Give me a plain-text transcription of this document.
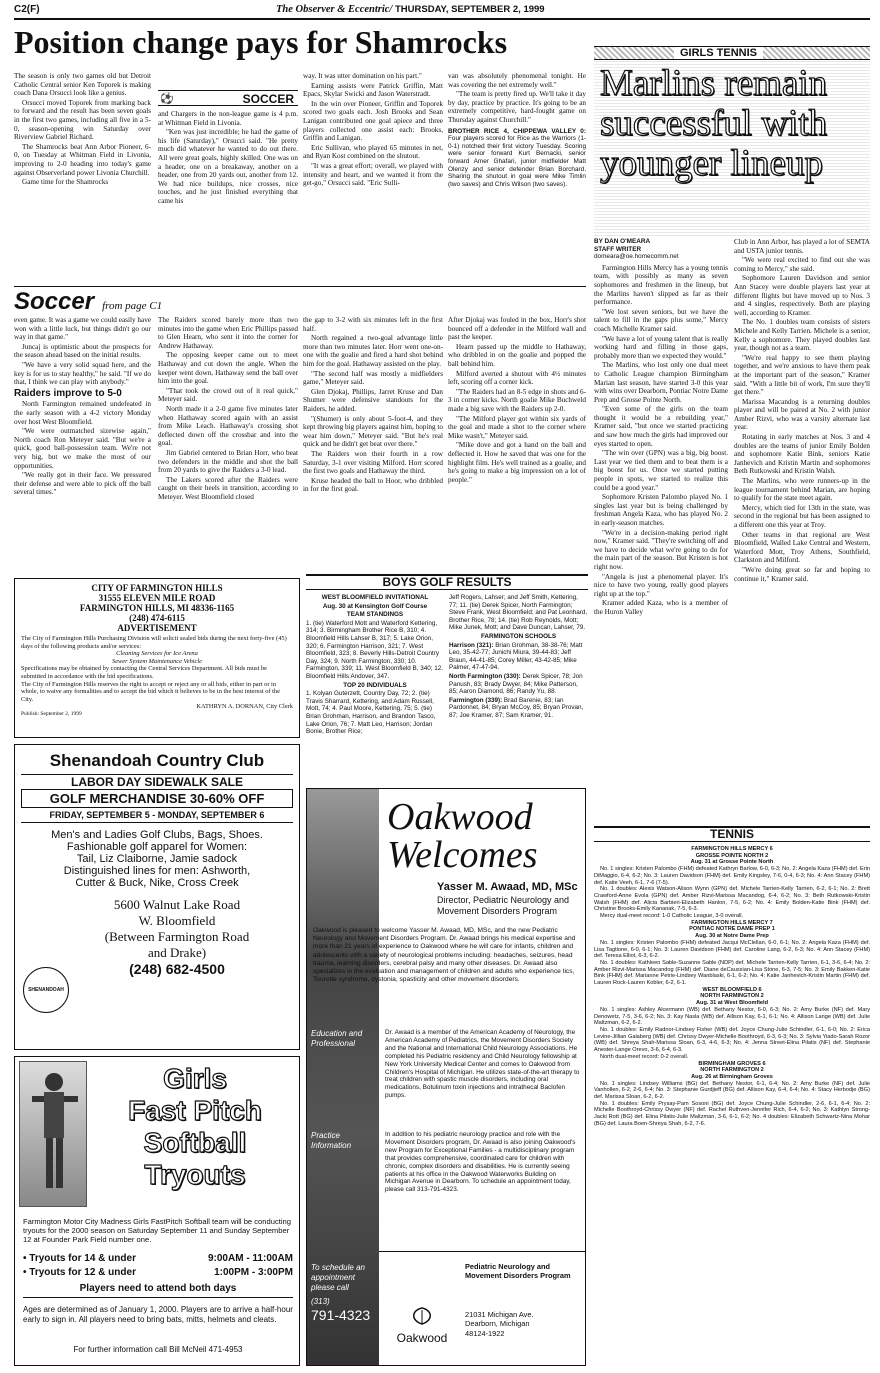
C2(F)	The Observer & Eccentric/ THURSDAY, SEPTEMBER 2, 1999
Position change pays for Shamrocks

The season is only two games old but Detroit Catholic Central senior Ken Toporek is making coach Dana Orsucci look like a genius.

Orsucci moved Toporek from marking back to forward and the result has been seven goals in the first two games, including all five in a 5-0, season-opening win Saturday over Riverview Gabriel Richard.

The Shamrocks beat Ann Arbor Pioneer, 6-0, on Tuesday at Whitman Field in Livonia, improving to 2-0 heading into today's game against Observerland power Livonia Churchill.

Game time for the Shamrocks

⚽	SOCCER

and Chargers in the non-league game is 4 p.m. at Whitman Field in Livonia.

"Ken was just incredible; he had the game of his life (Saturday)," Orsucci said. "He pretty much did whatever he wanted to do out there. All were great goals, highly skilled. One was on a header, one on a breakaway, another on a header, one from 20 yards out, another from 12. We had nice buildups, nice crosses, nice touches, and he just finished everything that came his

way. It was utter domination on his part."

Earning assists were Patrick Griffin, Matt Epacs, Skylar Swicki and Jason Waterstradt.

In the win over Pioneer, Griffin and Toporek scored two goals each. Josh Brooks and Sean Lanigan contributed one goal apiece and three players collected one assist each: Brooks, Griffin and Lanigan.

Eric Sullivan, who played 65 minutes in net, and Ryan Kost combined on the shutout.

"It was a great effort; overall, we played with intensity and heart, and we wanted it from the get-go," Orsucci said. "Eric Sulli-

van was absolutely phenomenal tonight. He was covering the net extremely well."

"The team is pretty fired up. We'll take it day by day, practice by practice. It's going to be an extremely competitive, hard-fought game on Thursday against Churchill."

BROTHER RICE 4, CHIPPEWA VALLEY 0: Four players scored for Rice as the Warriors (1-0-1) notched their first victory Tuesday. Scoring were senior forward Kurt Bernacki, senior forward Amer Ghafari, junior midfielder Matt Olenzy and senior defender Brian Borchard. Sharing the shutout in goal were Mike Timlin (two saves) and Chris Wilson (two saves).
Soccer from page C1

even game. It was a game we could easily have won with a little luck, but things didn't go our way in that game."

Juncaj is optimistic about the prospects for the season ahead based on the initial results.

"We have a very solid squad here, and the key is for us to stay healthy," he said. "If we do that, I think we can play with anybody."

Raiders improve to 5-0

North Farmington remained undefeated in the early season with a 4-2 victory Monday over host West Bloomfield.

"We were outmatched sizewise again," North coach Ron Meteyer said. "But we're a quick, good ball-possession team. We're not very big, but we make the most of our opportunities.

"We really got in their face. We pressured their defense and were able to pick off the ball several times."

The Raiders scored barely more than two minutes into the game when Eric Phillips passed to Glen Hearn, who sent it into the corner for Andrew Hathaway.

The opposing keeper came out to meet Hathaway and cut down the angle. When the keeper went down, Hathaway send the ball over him into the goal.

"That took the crowd out of it real quick," Meteyer said.

North made it a 2-0 game five minutes later when Hathaway scored again with an assist from Mike Leach. Hathaway's crossing shot deflected down off the crossbar and into the goal.

Jim Gabriel centered to Brian Horr, who beat two defenders in the middle and shot the ball from 20 yards to give the Raiders a 3-0 lead.

The Lakers scored after the Raiders were caught on their heels in transition, according to Meteyer. West Bloomfield closed

the gap to 3-2 with six minutes left in the first half.

North regained a two-goal advantage little more than two minutes later. Horr went one-on-one with the goalie and fired a hard shot behind him for the goal. Hathaway assisted on the play.

"The second half was mostly a midfielders game," Meteyer said.

Glen Djokaj, Phillips, Jarret Kruse and Dan Shumer were defensive standouts for the Raiders, he added.

"(Shumer) is only about 5-foot-4, and they kept throwing big players against him, hoping to wear him down," Meteyer said. "But he's real quick and he didn't get beat over there."

The Raiders won their fourth in a row Saturday, 3-1 over visiting Milford. Horr scored the first two goals and Hathaway the third.

Kruse headed the ball to Hoor, who dribbled in for the first goal.

After Djokaj was fouled in the box, Horr's shot bounced off a defender in the Milford wall and past the keeper.

Hearn passed up the middle to Hathaway, who dribbled in on the goalie and popped the ball behind him.

Milford averted a shutout with 4½ minutes left, scoring off a corner kick.

"The Raiders had an 8-5 edge in shots and 6-3 in corner kicks. North goalie Mike Buchweld made a big save with the Raiders up 2-0.

"The Milford player got within six yards of the goal and made a shot to the corner where Mike wasn't," Meteyer said.

"Mike dove and got a hand on the ball and deflected it. How he saved that was one for the highlight film. He's well trained as a goalie, and he's going to make a big impression on a lot of people."

GIRLS TENNIS
Marlins remain successful with younger lineup
BY DAN O'MEARA
STAFF WRITER
domeara@oe.homecomm.net

Farmington Hills Mercy has a young tennis team, with possibly as many as seven sophomores and freshmen in the lineup, but the Marlins haven't slipped as far as their performance.

"We lost seven seniors, but we have the talent to fill in the gaps plus some," Mercy coach Michelle Kramer said.

"We have a lot of young talent that is really working hard and filling in those gaps, probably more than we expected they would."

The Marlins, who lost only one dual meet to Catholic League champion Birmingham Marian last season, have started 3-0 this year with wins over Dearborn, Pontiac Notre Dame Prep and Grosse Pointe North.

"Even some of the girls on the team thought it would be a rebuilding year," Kramer said, "but once we started practicing and saw how much the girls had improved our eyes started to open.

"The win over (GPN) was a big, big boost. Last year we tied them and to beat them is a big boost for us. Once we started putting people in spots, we started to realize this could be a good year."

Sophomore Kristen Palombo played No. 1 singles last year but is being challenged by freshman Angela Kaza, who has played No. 2 in early-season matches.

"We're in a decision-making period right now," Kramer said. "They're switching off and we have to decide what we're going to do for the main part of the season. But Kristen is hot right now.

"Angela is just a phenomenal player. It's nice to have two young, really good players right up at the top."

Kramer added Kaza, who is a member of the Huron Valley

Club in Ann Arbor, has played a lot of SEMTA and USTA junior tennis.

"We were real excited to find out she was coming to Mercy," she said.

Sophomore Lauren Davidson and senior Ann Stacey were double players last year at different flights but have moved up to Nos. 3 and 4 singles, respectively. Both are playing well, according to Kramer.

The No. 1 doubles team consists of sisters Michele and Kelly Tarrien. Michele is a senior, Kelly a sophomore. They played doubles last year, though not as a team.

"We're real happy to see them playing together, and we're anxious to have them peak at the important part of the season," Kramer said. "With a little bit of work, I'm sure they'll get there."

Marissa Macandog is a returning doubles player and will be paired at No. 2 with junior Amber Rizvi, who was a varsity alternate last year.

Rotating in early matches at Nos. 3 and 4 doubles are the teams of junior Emily Bolden and sophomore Katie Bink, seniors Katie Janhevich and Kristin Martin and sophomores Beth Rutkowski and Kristin Walsh.

The Marlins, who were runners-up in the league tournament behind Marian, are hoping to qualify for the state meet again.

Mercy, which tied for 13th in the state, was second in the regional but has been assigned to a different one this year at Troy.

Other teams in that regional are West Bloomfield, Walled Lake Central and Western, Waterford Mott, Troy Athens, Southfield, Clarkston and Milford.

"We're doing great so far and hoping to continue it," Kramer said.

CITY OF FARMINGTON HILLS
31555 ELEVEN MILE ROAD
FARMINGTON HILLS, MI 48336-1165
(248) 474-6115
ADVERTISEMENT
The City of Farmington Hills Purchasing Division will solicit sealed bids during the next forty-five (45) days of the following products and/or services:
Cleaning Services for Ice Arena
Sewer System Maintenance Vehicle
Specifications may be obtained by contacting the Central Services Department. All bids must be submitted in accordance with the bid specifications.
The City of Farmington Hills reserves the right to accept or reject any or all bids, either in part or in whole, to waive any formalities and to accept the bid which it believes to be in the best interest of the City.
KATHRYN A. DORNAN, City Clerk
Publish: September 2, 1999
Shenandoah Country Club
LABOR DAY SIDEWALK SALE
GOLF MERCHANDISE 30-60% OFF
FRIDAY, SEPTEMBER 5 - MONDAY, SEPTEMBER 6
Men's and Ladies Golf Clubs, Bags, Shoes.
Fashionable golf apparel for Women:
Tail, Liz Claiborne, Jamie sadock
Distinguished lines for men: Ashworth,
Cutter & Buck, Nike, Cross Creek
SHENANDOAH
5600 Walnut Lake Road
W. Bloomfield
(Between Farmington Road
and Drake)
(248) 682-4500
Girls
Fast Pitch
Softball
Tryouts
Farmington Motor City Madness Girls FastPitch Softball team will be conducting tryouts for the 2000 season on Saturday September 11 and Sunday September 12 at Founder Park Field number one.
• Tryouts for 14 & under	9:00AM - 11:00AM
• Tryouts for 12 & under	1:00PM - 3:00PM
Players need to attend both days
Ages are determined as of January 1, 2000. Players are to arrive a half-hour early to sign in. All players need to bring bats, mitts, helmets and cleats.
For further information call Bill McNeil 471-4953
BOYS GOLF RESULTS
WEST BLOOMFIELD INVITATIONAL
Aug. 30 at Kensington Golf Course
TEAM STANDINGS
1. (tie) Waterford Mott and Waterford Kettering, 314; 3. Birmingham Brother Rice B, 310; 4. Bloomfield Hills Lahser B, 317; 5. Lake Orion, 320; 6. Farmington Harrison, 321; 7. West Bloomfield, 323; 8. Beverly Hills-Detroit Country Day, 324; 9. North Farmington, 330; 10. Farmington, 339; 11. West Bloomfield B, 340; 12. Bloomfield Hills Andover, 347.
TOP 20 INDIVIDUALS
1. Kolyan Guterzett, Country Day, 72; 2. (tie) Travis Sharrard, Kettering, and Adam Russell, Mott, 74; 4. Paul Moore, Kettering, 75; 5. (tie) Brian Grohman, Harrison, and Brandon Tasco, Lake Orion, 76; 7. Matt Leo, Harrison; Jordan Bonie, Brother Rice;
Jeff Rogers, Lahser; and Jeff Smith, Kettering, 77; 11. (tie) Derek Spicer, North Farmington; Steve Frank, West Bloomfield; and Pat Leonhard, Brother Rice, 78; 14. (tie) Rob Reynolds, Mott; Mike Junek, Mott; and Dave Duncan, Lahser, 79.
FARMINGTON SCHOOLS
Harrison (321): Brian Grohman, 38-38-76; Matt Leo, 35-42-77; Junichi Miura, 39-44-83; Jeff Braun, 44-41-85; Corey Miller, 43-42-85; Mike Palmer, 47-47-94.
North Farmington (330): Derek Spicer, 78; Jon Panush, 83; Brady Dwyer, 84; Mike Patterson, 85; Aaron Diamond, 86; Randy Yu, 88.
Farmington (339): Brad Barenie, 83; Ian Pardonnet, 84; Bryan McCoy, 85; Bryan Provan, 87; Joe Kramer, 87; Sam Kramer, 91.
Oakwood
Welcomes
Yasser M. Awaad, MD, MSc
Director, Pediatric Neurology and
Movement Disorders Program
Oakwood is pleased to welcome Yasser M. Awaad, MD, MSc, and the new Pediatric Neurology and Movement Disorders Program. Dr. Awaad brings his medical expertise and more than 21 years of experience to Oakwood where he will care for infants, children and adolescents with a variety of neurological problems including: headaches, seizures, head trauma, learning disorders, cerebral palsy and many other diseases. Dr. Awaad also specializes in the evaluation and management of children and adults who experience tics, Tourette syndrome, dystonia, spasticity and other movement disorders.
Education and
Professional
Dr. Awaad is a member of the American Academy of Neurology, the American Academy of Pediatrics, the Movement Disorders Society and the National and International Child Neurology Associations. He completed his Pediatric residency and Child Neurology fellowship at New York University Medical Center and comes to Oakwood from Children's Hospital of Michigan. He utilizes state-of-the-art therapy to treat children with spastic muscle disorders, including oral medications, Botulinum toxin injections and intrathecal Baclofen pumps.
Practice
Information
In addition to his pediatric neurology practice and role with the Movement Disorders program, Dr. Awaad is also joining Oakwood's new Program for Exceptional Families - a multidisciplinary program that provides comprehensive, coordinated care for children with chronic, complex disorders and disabilities. He is currently seeing patients at his office in the Oakwood Waterworks Building on Michigan Avenue in Dearborn. To schedule an appointment today, please call 313-791-4323.
To schedule an
appointment
please call
(313)
791-4323
Pediatric Neurology and
Movement Disorders Program
Oakwood
21031 Michigan Ave.
Dearborn, Michigan
48124-1922
TENNIS
FARMINGTON HILLS MERCY 6
GROSSE POINTE NORTH 2
Aug. 31 at Grosse Pointe North
No. 1 singles: Kristen Palombo (FHM) defeated Kathryn Barlow, 6-0, 6-3; No. 2: Angela Kaza (FHM) def. Erin DiMaggio, 6-4, 6-2; No. 3: Lauren Davidson (FHM) def. Emily Kingsley, 7-6, 0-4, 6-3; No. 4: Ann Stacey (FHM) def. Katie Veeh, 6-1, 7-6 (7-5).
No. 1 doubles: Alexis Watson-Alison Wynn (GPN) def. Michele Tarrien-Kelly Tarrien, 6-2, 6-1; No. 2: Brett Crawford-Anne Evola (GPN) def. Amber Rizvi-Marissa Macandog, 6-4, 6-2; No. 3: Beth Rutkowski-Kristin Walsh (FHM) def. Alicia Barbieri-Elizabeth Hanlon, 7-5, 6-2; No. 4: Emily Bolden-Katie Bink (FHM) def. Christine Brooks-Emily Kananak, 7-5, 6-3.
Mercy dual-meet record: 1-0 Catholic League, 3-0 overall.
FARMINGTON HILLS MERCY 7
PONTIAC NOTRE DAME PREP 1
Aug. 30 at Notre Dame Prep
No. 1 singles: Kristen Palombo (FHM) defeated Jacqui McClellan, 6-0, 6-1; No. 2: Angela Kaza (FHM) def. Lisa Tagtione, 6-0, 6-1; No. 3: Lauren Davidson (FHM) def. Caroline Lang, 6-2, 6-3; No. 4: Ann Stacey (FHM) def. Teresa Elliot, 6-3, 6-2.
No. 1 doubles: Kathleen Sable-Suzanne Sable (NDP) def. Michele Tarrien-Kelly Tarrien, 6-1, 3-6, 6-4; No. 2: Amber Rizvi-Marissa Macandog (FHM) def. Diane deCaussian-Lisa Stone, 6-3, 7-5; No. 3: Emily Bakken-Katie Bink (FHM) def. Marianne Petrie-Lindsey Wanblaski, 6-1, 6-2; No. 4: Katie Janhevich-Kristin Martin (FHM) def. Lauren Rock-Lauren Kobler, 6-2, 6-1.
WEST BLOOMFIELD 6
NORTH FARMINGTON 2
Aug. 31 at West Bloomfield
No. 1 singles: Ashley Alcermann (WB) def. Bethany Nestor, 6-0, 6-3; No. 2: Amy Burke (NF) def. Mary Denowetz, 7-5, 3-6, 6-2; No. 3: Kay Nasla (WB) def. Allison Kay, 6-1, 6-1; No. 4: Allison Lange (WB) def. Julie Maltzman, 6-2, 6-2.
No. 1 doubles: Emily Radnor-Lindsey Fisher (WB) def. Joyce Chung-Julie Schindler, 6-1, 6-0; No. 2: Erica Levine-Jillian Galaberg (WB) def. Chrissy Dwyer-Michelle Boothroyd, 6-3, 6-3; No. 3: Sylvia Yiado-Sarah Rozor (WB) def. Shreya Shah-Marissa Sloan, 6-3, 4-6, 6-3; No. 4: Jenna Street-Elina Pilatis (NF) def. Stephanie Anester-Lange Orevo, 3-6, 6-4, 6-3.
North dual-meet record: 0-2 overall.
BIRMINGHAM GROVES 6
NORTH FARMINGTON 2
Aug. 26 at Birmingham Groves
No. 1 singles: Lindsey Williams (BG) def. Bethany Nestor, 6-1, 6-4; No. 2: Amy Burke (NF) def. Julie Vanhollen, 6-2, 2-6, 6-4; No. 3: Stephanie Gurdjieff (BG) def. Allison Kay, 6-4, 6-4; No. 4: Stacy Herbodje (BG) def. Marissa Sloan, 6-2, 6-2.
No. 1 doubles: Emily Prysay-Pam Sosoni (BG) def. Joyce Chung-Julie Schindler, 2-6, 6-1, 6-4; No. 2: Michelle Boothroyd-Chrissy Dwyer (NF) def. Rachel Ruthven-Jennifer Rich, 6-4, 6-2; No. 3: Kathlyn Strong-Jacki Rott (BG) def. Elina Pilatis-Julie Maltzman, 3-6, 6-1, 6-2; No. 4 doubles: Elizabeth Schwartz-Nina Mohar (BG) def. Laura Boen-Shreya Shah, 6-2, 7-6.
